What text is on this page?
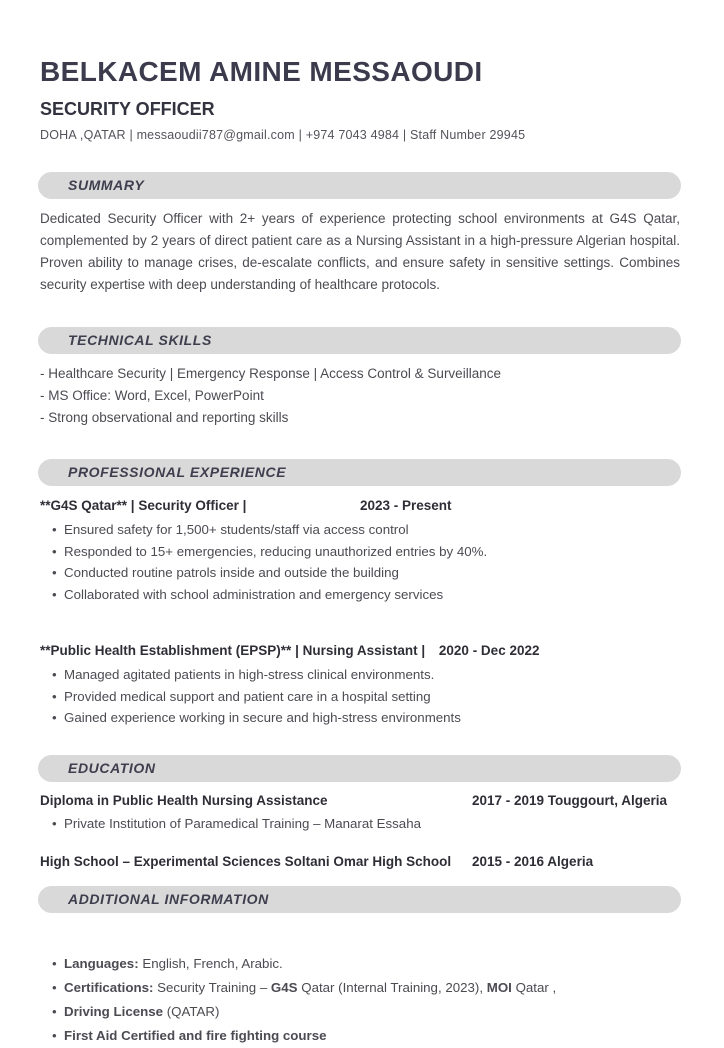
BELKACEM AMINE MESSAOUDI
SECURITY OFFICER
DOHA ,QATAR | messaoudii787@gmail.com | +974 7043 4984 | Staff Number 29945
SUMMARY

Dedicated Security Officer with 2+ years of experience protecting school environments at G4S Qatar, complemented by 2 years of direct patient care as a Nursing Assistant in a high-pressure Algerian hospital. Proven ability to manage crises, de-escalate conflicts, and ensure safety in sensitive settings. Combines security expertise with deep understanding of healthcare protocols.

TECHNICAL SKILLS
- Healthcare Security | Emergency Response | Access Control & Surveillance
- MS Office: Word, Excel, PowerPoint
- Strong observational and reporting skills
PROFESSIONAL EXPERIENCE
**G4S Qatar** | Security Officer |	2023 - Present
• Ensured safety for 1,500+ students/staff via access control
• Responded to 15+ emergencies, reducing unauthorized entries by 40%.
• Conducted routine patrols inside and outside the building
• Collaborated with school administration and emergency services
**Public Health Establishment (EPSP)** | Nursing Assistant | 2020 - Dec 2022
• Managed agitated patients in high-stress clinical environments.
• Provided medical support and patient care in a hospital setting
• Gained experience working in secure and high-stress environments
EDUCATION
Diploma in Public Health Nursing Assistance	2017 - 2019 Touggourt, Algeria
• Private Institution of Paramedical Training – Manarat Essaha
High School – Experimental Sciences Soltani Omar High School 2015 - 2016 Algeria
ADDITIONAL INFORMATION
• Languages: English, French, Arabic.
• Certifications: Security Training – G4S Qatar (Internal Training, 2023), MOI Qatar ,
• Driving License (QATAR)
• First Aid Certified and fire fighting course
